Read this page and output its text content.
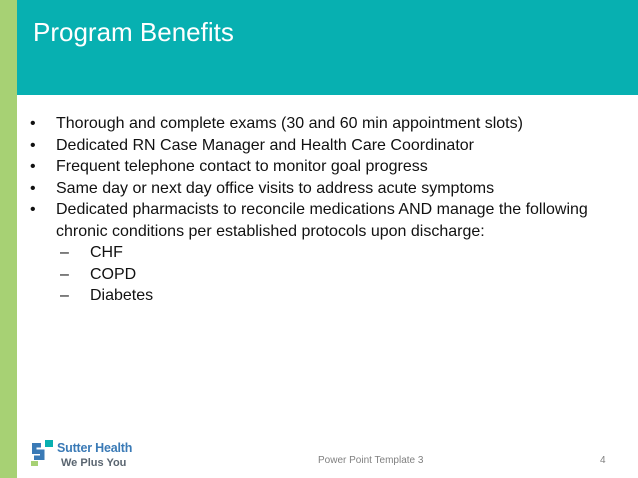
Program Benefits
• Thorough and complete exams (30 and 60 min appointment slots)
• Dedicated RN Case Manager and Health Care Coordinator
• Frequent telephone contact to monitor goal progress
• Same day or next day office visits to address acute symptoms
• Dedicated pharmacists to reconcile medications AND manage the following chronic conditions per established protocols upon discharge:
– CHF
– COPD
– Diabetes
Sutter Health
We Plus You	Power Point Template 3	4
